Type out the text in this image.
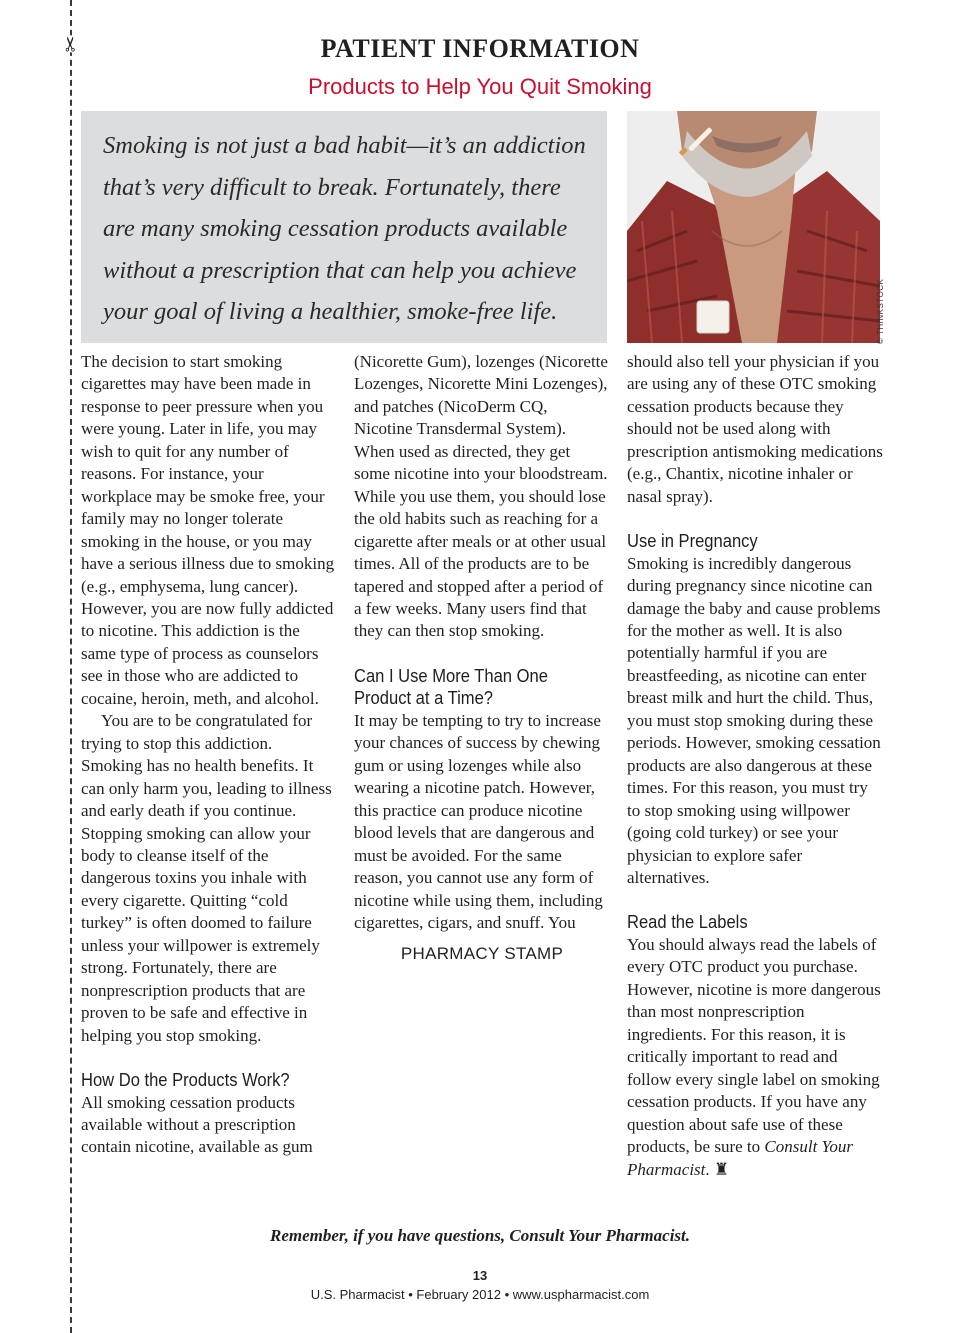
✂	PATIENT INFORMATION
Products to Help You Quit Smoking

Smoking is not just a bad habit—it’s an addiction that’s very difficult to break. Fortunately, there are many smoking cessation products available without a prescription that can help you achieve your goal of living a healthier, smoke-free life.	© THINKSTOCK

The decision to start smoking cigarettes may have been made in response to peer pressure when you were young. Later in life, you may wish to quit for any number of reasons. For instance, your workplace may be smoke free, your family may no longer tolerate smoking in the house, or you may have a serious illness due to smoking (e.g., emphysema, lung cancer). However, you are now fully addicted to nicotine. This addiction is the same type of process as counselors see in those who are addicted to cocaine, heroin, meth, and alcohol.

You are to be congratulated for trying to stop this addiction. Smoking has no health benefits. It can only harm you, leading to illness and early death if you continue. Stopping smoking can allow your body to cleanse itself of the dangerous toxins you inhale with every cigarette. Quitting “cold turkey” is often doomed to failure unless your willpower is extremely strong. Fortunately, there are nonprescription products that are proven to be safe and effective in helping you stop smoking.

How Do the Products Work?

All smoking cessation products available without a prescription contain nicotine, available as gum

(Nicorette Gum), lozenges (Nicorette Lozenges, Nicorette Mini Lozenges), and patches (NicoDerm CQ, Nicotine Transdermal System). When used as directed, they get some nicotine into your bloodstream. While you use them, you should lose the old habits such as reaching for a cigarette after meals or at other usual times. All of the products are to be tapered and stopped after a period of a few weeks. Many users find that they can then stop smoking.

Can I Use More Than One Product at a Time?

It may be tempting to try to increase your chances of success by chewing gum or using lozenges while also wearing a nicotine patch. However, this practice can produce nicotine blood levels that are dangerous and must be avoided. For the same reason, you cannot use any form of nicotine while using them, including cigarettes, cigars, and snuff. You

PHARMACY STAMP

should also tell your physician if you are using any of these OTC smoking cessation products because they should not be used along with prescription antismoking medications (e.g., Chantix, nicotine inhaler or nasal spray).

Use in Pregnancy

Smoking is incredibly dangerous during pregnancy since nicotine can damage the baby and cause problems for the mother as well. It is also potentially harmful if you are breastfeeding, as nicotine can enter breast milk and hurt the child. Thus, you must stop smoking during these periods. However, smoking cessation products are also dangerous at these times. For this reason, you must try to stop smoking using willpower (going cold turkey) or see your physician to explore safer alternatives.

Read the Labels

You should always read the labels of every OTC product you purchase. However, nicotine is more dangerous than most nonprescription ingredients. For this reason, it is critically important to read and follow every single label on smoking cessation products. If you have any question about safe use of these products, be sure to Consult Your Pharmacist. ♜

Remember, if you have questions, Consult Your Pharmacist.
13
U.S. Pharmacist • February 2012 • www.uspharmacist.com
